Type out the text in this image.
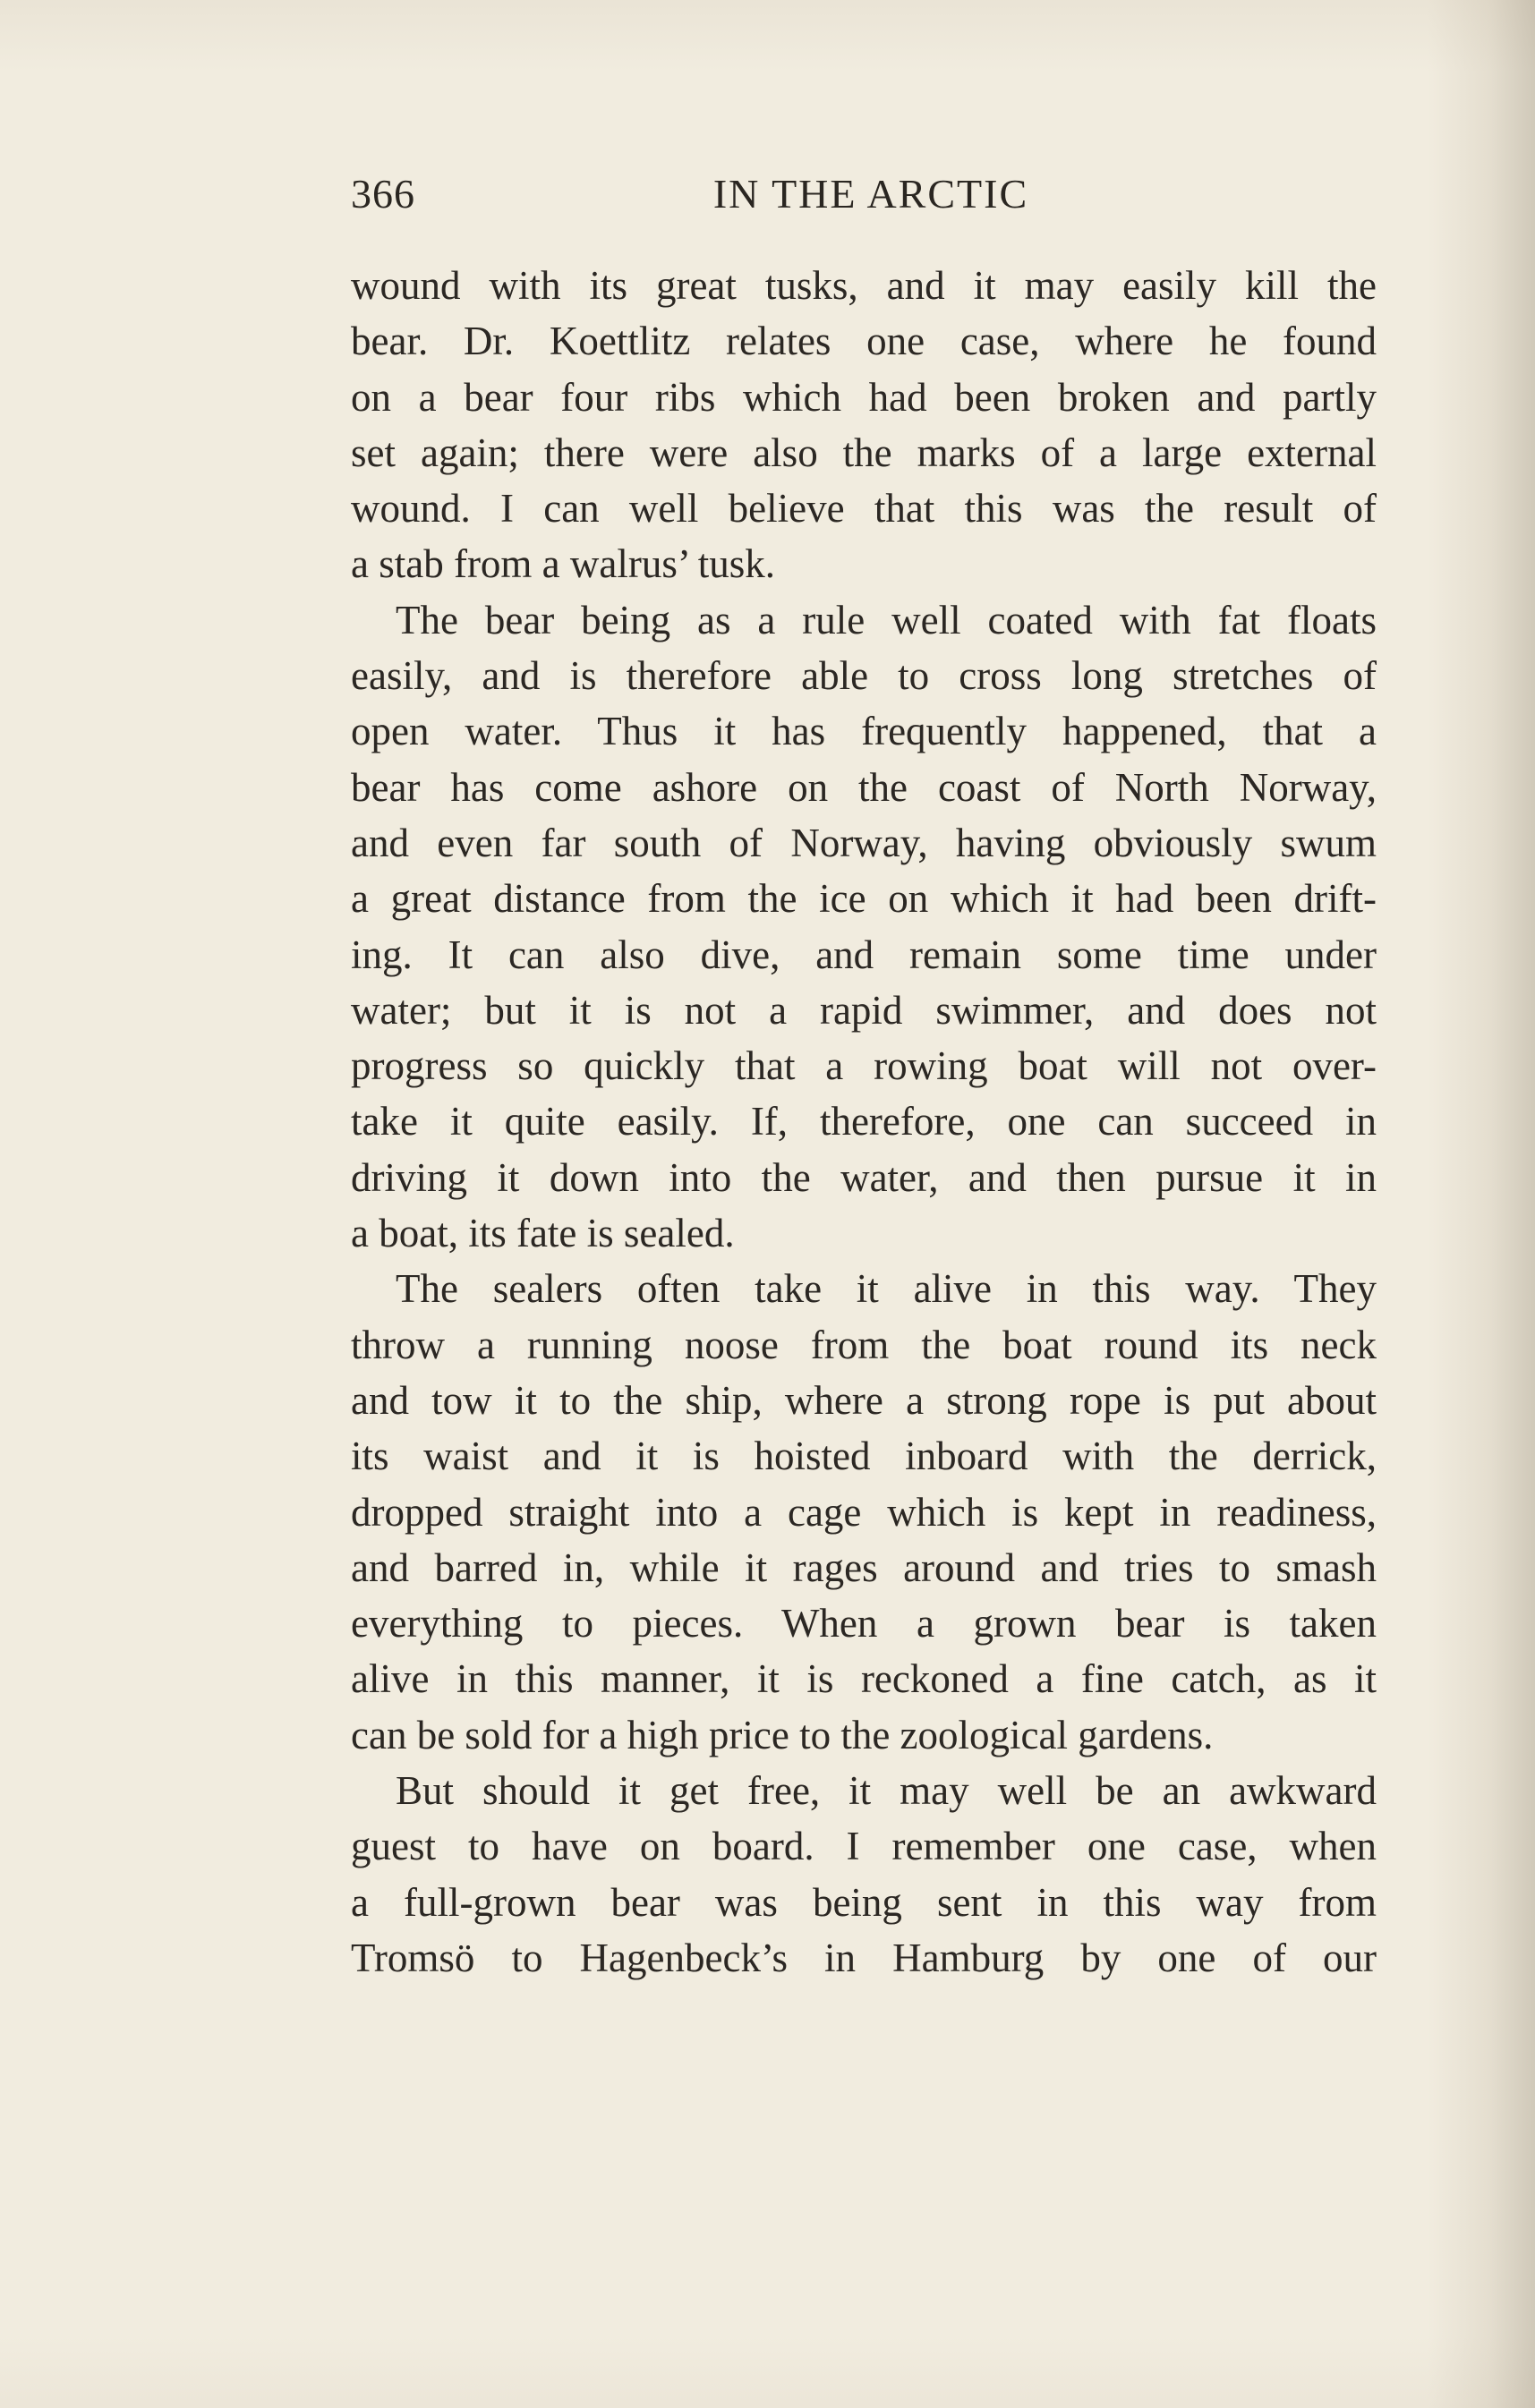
366	IN THE ARCTIC
wound with its great tusks, and it may easily kill the
bear. Dr. Koettlitz relates one case, where he found
on a bear four ribs which had been broken and partly
set again; there were also the marks of a large external
wound. I can well believe that this was the result of
a stab from a walrus’ tusk.
The bear being as a rule well coated with fat floats
easily, and is therefore able to cross long stretches of
open water. Thus it has frequently happened, that a
bear has come ashore on the coast of North Norway,
and even far south of Norway, having obviously swum
a great distance from the ice on which it had been drift-
ing. It can also dive, and remain some time under
water; but it is not a rapid swimmer, and does not
progress so quickly that a rowing boat will not over-
take it quite easily. If, therefore, one can succeed in
driving it down into the water, and then pursue it in
a boat, its fate is sealed.
The sealers often take it alive in this way. They
throw a running noose from the boat round its neck
and tow it to the ship, where a strong rope is put about
its waist and it is hoisted inboard with the derrick,
dropped straight into a cage which is kept in readiness,
and barred in, while it rages around and tries to smash
everything to pieces. When a grown bear is taken
alive in this manner, it is reckoned a fine catch, as it
can be sold for a high price to the zoological gardens.
But should it get free, it may well be an awkward
guest to have on board. I remember one case, when
a full-grown bear was being sent in this way from
Tromsö to Hagenbeck’s in Hamburg by one of our
